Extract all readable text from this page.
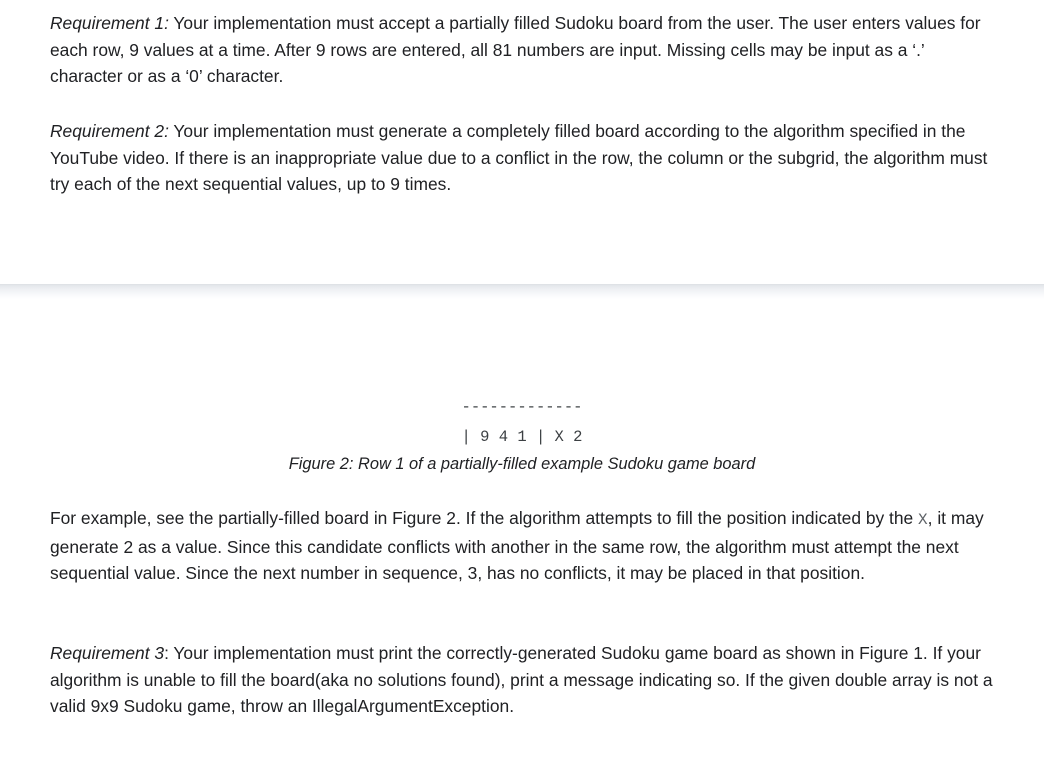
Requirement 1: Your implementation must accept a partially filled Sudoku board from the user. The user enters values for each row, 9 values at a time. After 9 rows are entered, all 81 numbers are input. Missing cells may be input as a ‘.’ character or as a ‘0’ character.

Requirement 2: Your implementation must generate a completely filled board according to the algorithm specified in the YouTube video. If there is an inappropriate value due to a conflict in the row, the column or the subgrid, the algorithm must try each of the next sequential values, up to 9 times.

-------------
| 9 4 1 | X 2

Figure 2: Row 1 of a partially-filled example Sudoku game board

For example, see the partially-filled board in Figure 2. If the algorithm attempts to fill the position indicated by the X, it may generate 2 as a value. Since this candidate conflicts with another in the same row, the algorithm must attempt the next sequential value. Since the next number in sequence, 3, has no conflicts, it may be placed in that position.

Requirement 3: Your implementation must print the correctly-generated Sudoku game board as shown in Figure 1. If your algorithm is unable to fill the board(aka no solutions found), print a message indicating so. If the given double array is not a valid 9x9 Sudoku game, throw an IllegalArgumentException.
